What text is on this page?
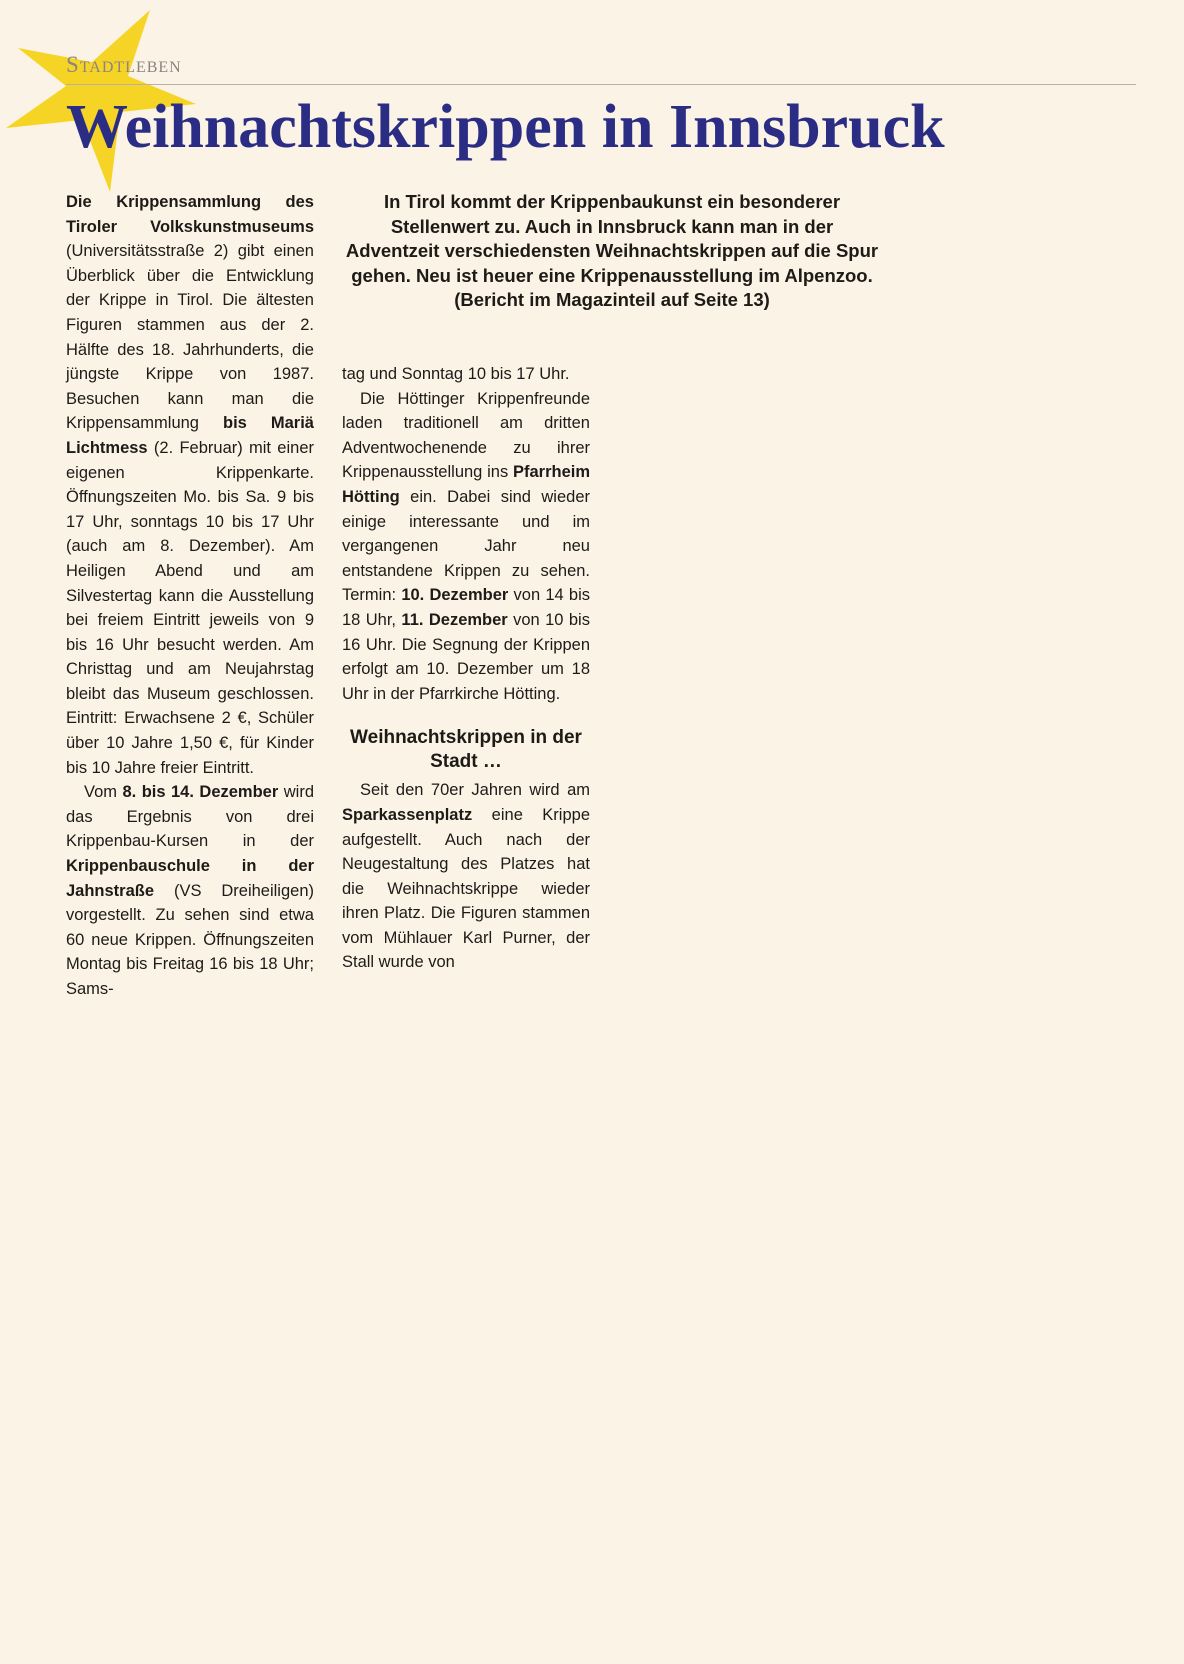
Stadtleben
Weihnachtskrippen in Innsbruck

In Tirol kommt der Krippenbaukunst ein besonderer Stellenwert zu. Auch in Innsbruck kann man in der Adventzeit verschiedensten Weihnachtskrippen auf die Spur gehen. Neu ist heuer eine Krippenausstellung im Alpenzoo. (Bericht im Magazinteil auf Seite 13)

Die Krippensammlung des Tiroler Volkskunstmuseums (Universitätsstraße 2) gibt einen Überblick über die Entwicklung der Krippe in Tirol. Die ältesten Figuren stammen aus der 2. Hälfte des 18. Jahrhunderts, die jüngste Krippe von 1987. Besuchen kann man die Krippensammlung bis Mariä Lichtmess (2. Februar) mit einer eigenen Krippenkarte. Öffnungszeiten Mo. bis Sa. 9 bis 17 Uhr, sonntags 10 bis 17 Uhr (auch am 8. Dezember). Am Heiligen Abend und am Silvestertag kann die Ausstellung bei freiem Eintritt jeweils von 9 bis 16 Uhr besucht werden. Am Christtag und am Neujahrstag bleibt das Museum geschlossen. Eintritt: Erwachsene 2 €, Schüler über 10 Jahre 1,50 €, für Kinder bis 10 Jahre freier Eintritt.

Vom 8. bis 14. Dezember wird das Ergebnis von drei Krippenbau-Kursen in der Krippenbauschule in der Jahnstraße (VS Dreiheiligen) vorgestellt. Zu sehen sind etwa 60 neue Krippen. Öffnungszeiten Montag bis Freitag 16 bis 18 Uhr; Sams-

tag und Sonntag 10 bis 17 Uhr.

Die Höttinger Krippenfreunde laden traditionell am dritten Adventwochenende zu ihrer Krippenausstellung ins Pfarrheim Hötting ein. Dabei sind wieder einige interessante und im vergangenen Jahr neu entstandene Krippen zu sehen. Termin: 10. Dezember von 14 bis 18 Uhr, 11. Dezember von 10 bis 16 Uhr. Die Segnung der Krippen erfolgt am 10. Dezember um 18 Uhr in der Pfarrkirche Hötting.

Weihnachtskrippen in der Stadt …

Seit den 70er Jahren wird am Sparkassenplatz eine Krippe aufgestellt. Auch nach der Neugestaltung des Platzes hat die Weihnachtskrippe wieder ihren Platz. Die Figuren stammen vom Mühlauer Karl Purner, der Stall wurde von
